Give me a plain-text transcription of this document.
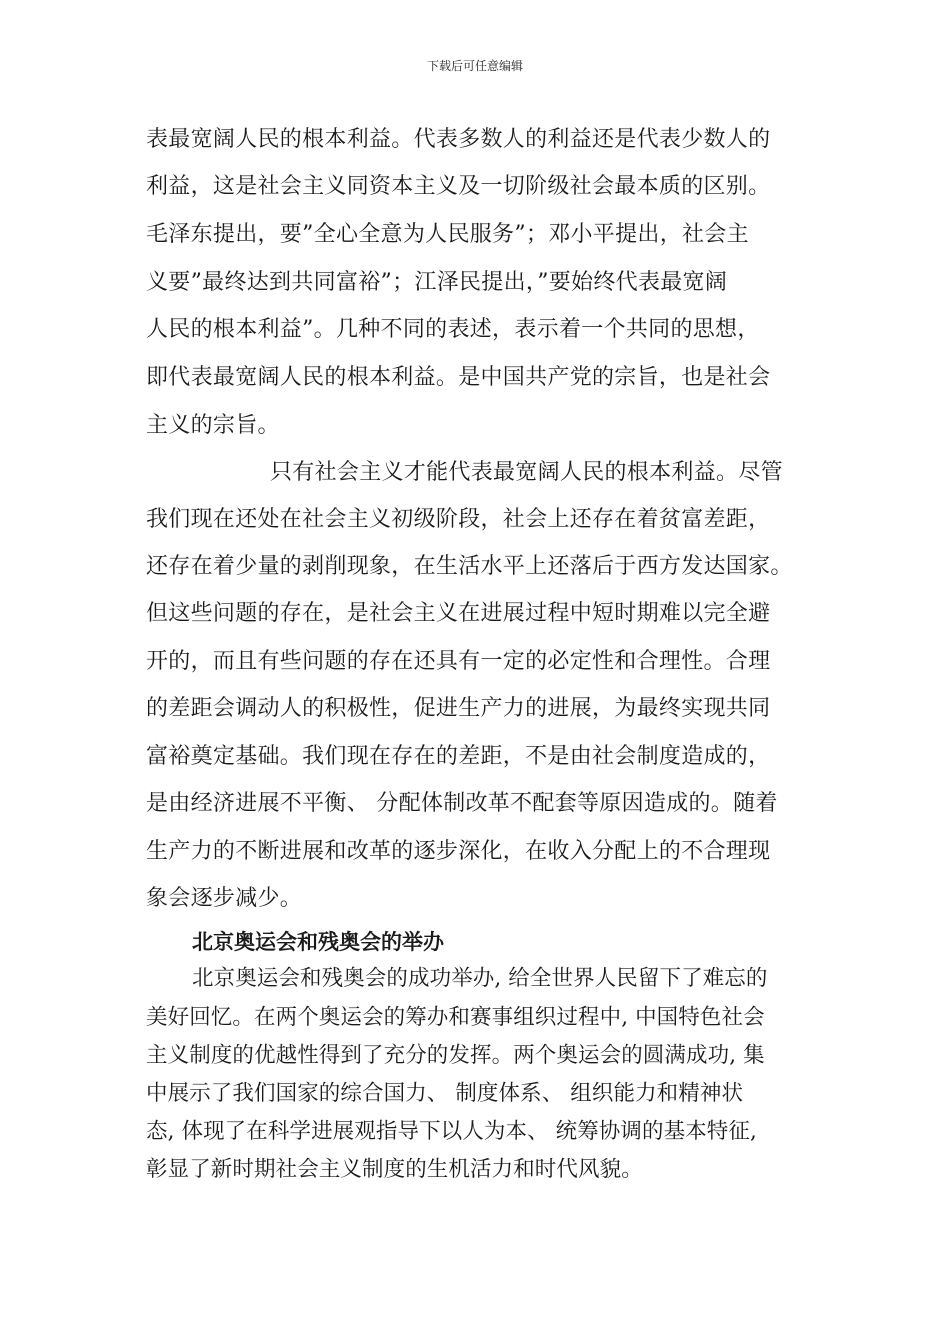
下载后可任意编辑
表最宽阔人民的根本利益。代表多数人的利益还是代表少数人的
利益，这是社会主义同资本主义及一切阶级社会最本质的区别。
毛泽东提出，要”全心全意为人民服务”；邓小平提出，社会主
义要”最终达到共同富裕”；江泽民提出，”要始终代表最宽阔
人民的根本利益”。几种不同的表述，表示着一个共同的思想，
即代表最宽阔人民的根本利益。是中国共产党的宗旨，也是社会
主义的宗旨。
只有社会主义才能代表最宽阔人民的根本利益。尽管
我们现在还处在社会主义初级阶段，社会上还存在着贫富差距，
还存在着少量的剥削现象，在生活水平上还落后于西方发达国家。
但这些问题的存在，是社会主义在进展过程中短时期难以完全避
开的，而且有些问题的存在还具有一定的必定性和合理性。合理
的差距会调动人的积极性，促进生产力的进展，为最终实现共同
富裕奠定基础。我们现在存在的差距，不是由社会制度造成的，
是由经济进展不平衡、 分配体制改革不配套等原因造成的。随着
生产力的不断进展和改革的逐步深化，在收入分配上的不合理现
象会逐步减少。
北京奥运会和残奥会的举办
北京奥运会和残奥会的成功举办, 给全世界人民留下了难忘的
美好回忆。在两个奥运会的筹办和赛事组织过程中, 中国特色社会
主义制度的优越性得到了充分的发挥。两个奥运会的圆满成功, 集
中展示了我们国家的综合国力、 制度体系、 组织能力和精神状
态, 体现了在科学进展观指导下以人为本、 统筹协调的基本特征,
彰显了新时期社会主义制度的生机活力和时代风貌。
